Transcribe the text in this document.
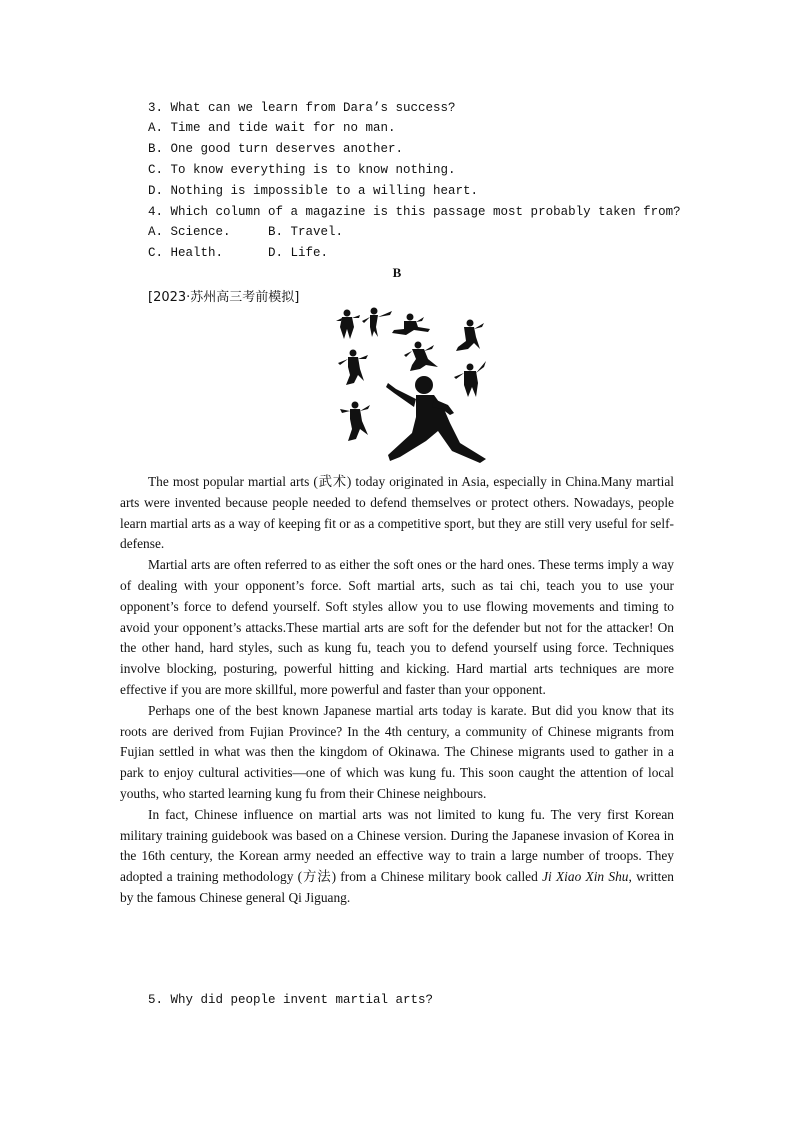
3. What can we learn from Dara’s success?
A. Time and tide wait for no man.
B. One good turn deserves another.
C. To know everything is to know nothing.
D. Nothing is impossible to a willing heart.
4. Which column of a magazine is this passage most probably taken from?
A. Science.     B. Travel.
C. Health.      D. Life.
B
[2023·苏州高三考前模拟]

The most popular martial arts (武术) today originated in Asia, especially in China.Many martial arts were invented because people needed to defend themselves or protect others. Nowadays, people learn martial arts as a way of keeping fit or as a competitive sport, but they are still very useful for self-defense.

Martial arts are often referred to as either the soft ones or the hard ones. These terms imply a way of dealing with your opponent’s force. Soft martial arts, such as tai chi, teach you to use your opponent’s force to defend yourself. Soft styles allow you to use flowing movements and timing to avoid your opponent’s attacks.These martial arts are soft for the defender but not for the attacker! On the other hand, hard styles, such as kung fu, teach you to defend yourself using force. Techniques involve blocking, posturing, powerful hitting and kicking. Hard martial arts techniques are more effective if you are more skillful, more powerful and faster than your opponent.

Perhaps one of the best known Japanese martial arts today is karate. But did you know that its roots are derived from Fujian Province? In the 4th century, a community of Chinese migrants from Fujian settled in what was then the kingdom of Okinawa. The Chinese migrants used to gather in a park to enjoy cultural activities—one of which was kung fu. This soon caught the attention of local youths, who started learning kung fu from their Chinese neighbours.

In fact, Chinese influence on martial arts was not limited to kung fu. The very first Korean military training guidebook was based on a Chinese version. During the Japanese invasion of Korea in the 16th century, the Korean army needed an effective way to train a large number of troops. They adopted a training methodology (方法) from a Chinese military book called Ji Xiao Xin Shu, written by the famous Chinese general Qi Jiguang.

5. Why did people invent martial arts?
